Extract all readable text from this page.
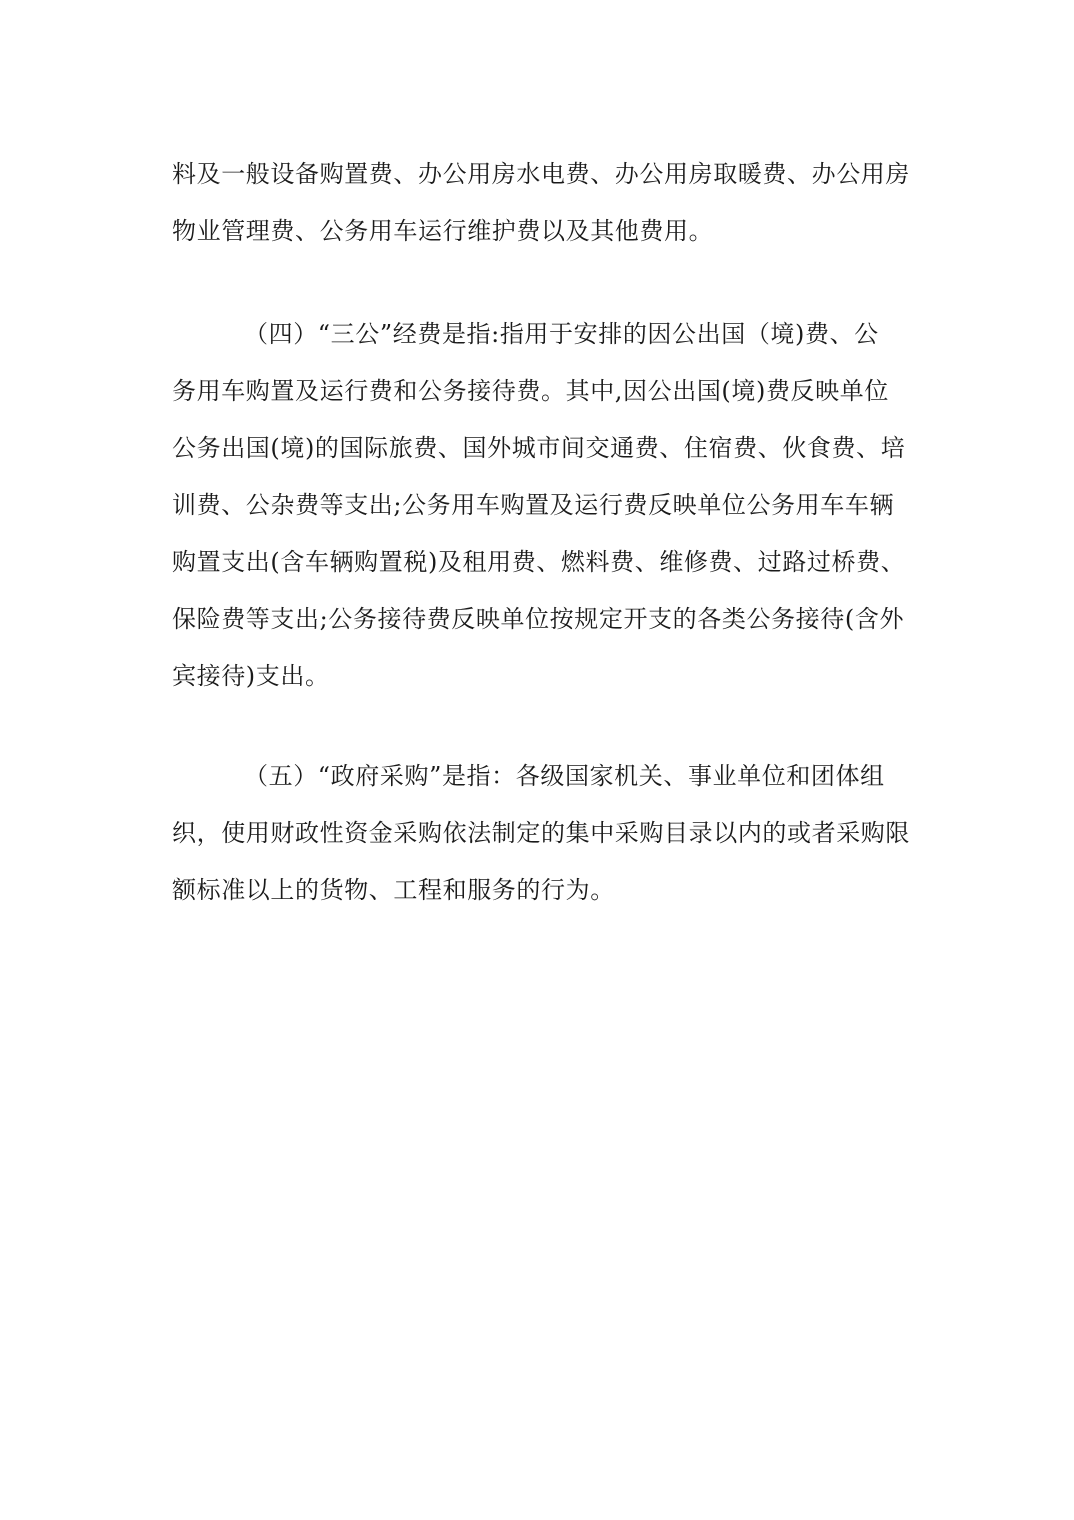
料及一般设备购置费、办公用房水电费、办公用房取暖费、办公用房
物业管理费、公务用车运行维护费以及其他费用。
（四）“三公”经费是指:指用于安排的因公出国（境)费、公
务用车购置及运行费和公务接待费。其中,因公出国(境)费反映单位
公务出国(境)的国际旅费、国外城市间交通费、住宿费、伙食费、培
训费、公杂费等支出;公务用车购置及运行费反映单位公务用车车辆
购置支出(含车辆购置税)及租用费、燃料费、维修费、过路过桥费、
保险费等支出;公务接待费反映单位按规定开支的各类公务接待(含外
宾接待)支出。
（五）“政府采购”是指：各级国家机关、事业单位和团体组
织，使用财政性资金采购依法制定的集中采购目录以内的或者采购限
额标准以上的货物、工程和服务的行为。
